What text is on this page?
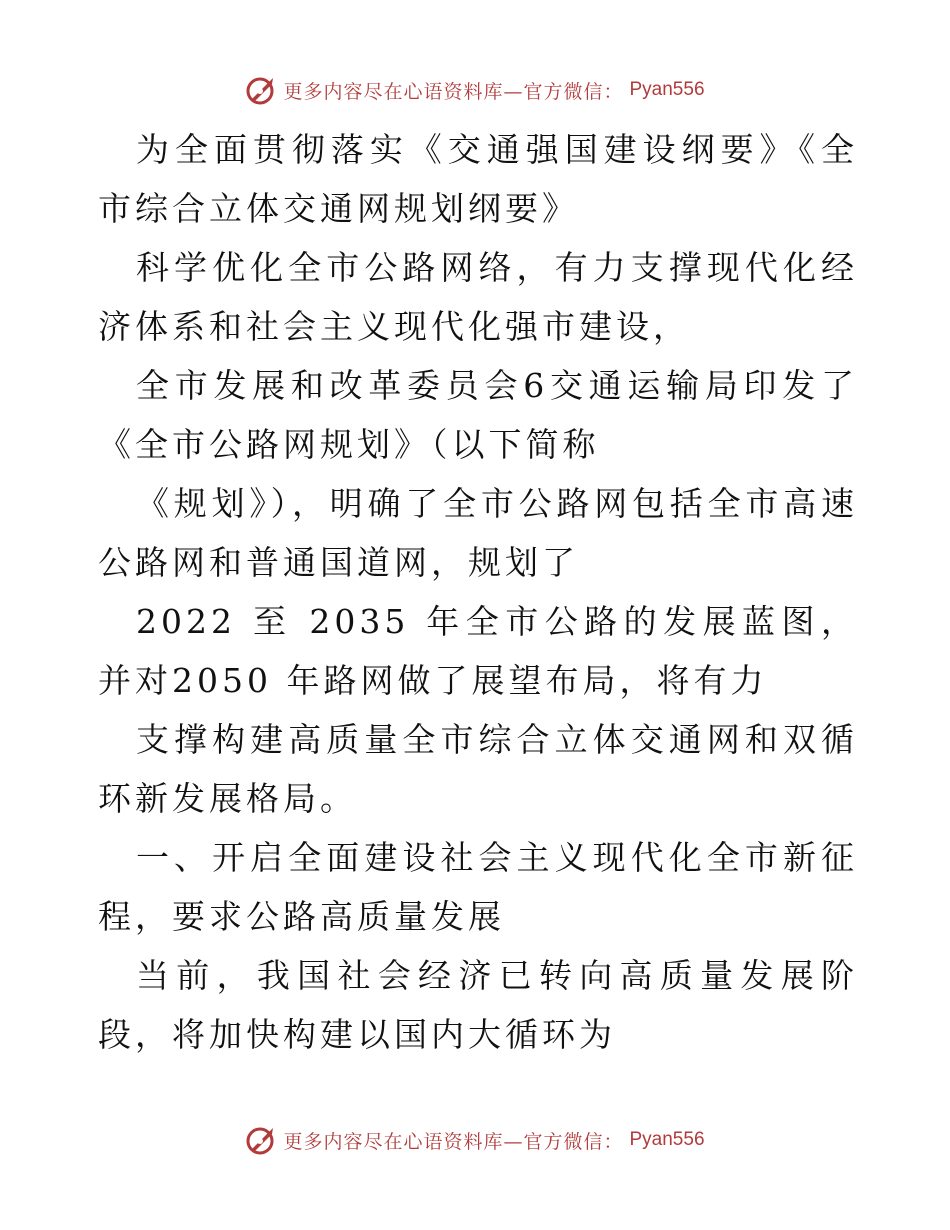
更多内容尽在心语资料库—官方微信： Pyan556

为全面贯彻落实《交通强国建设纲要》《全市综合立体交通网规划纲要》

科学优化全市公路网络，有力支撑现代化经济体系和社会主义现代化强市建设，

全市发展和改革委员会6交通运输局印发了《全市公路网规划》（以下简称

《规划》），明确了全市公路网包括全市高速公路网和普通国道网，规划了

2022 至 2035 年全市公路的发展蓝图，并对2050 年路网做了展望布局，将有力

支撑构建高质量全市综合立体交通网和双循环新发展格局。

一、开启全面建设社会主义现代化全市新征程，要求公路高质量发展

当前，我国社会经济已转向高质量发展阶段，将加快构建以国内大循环为

更多内容尽在心语资料库—官方微信： Pyan556
